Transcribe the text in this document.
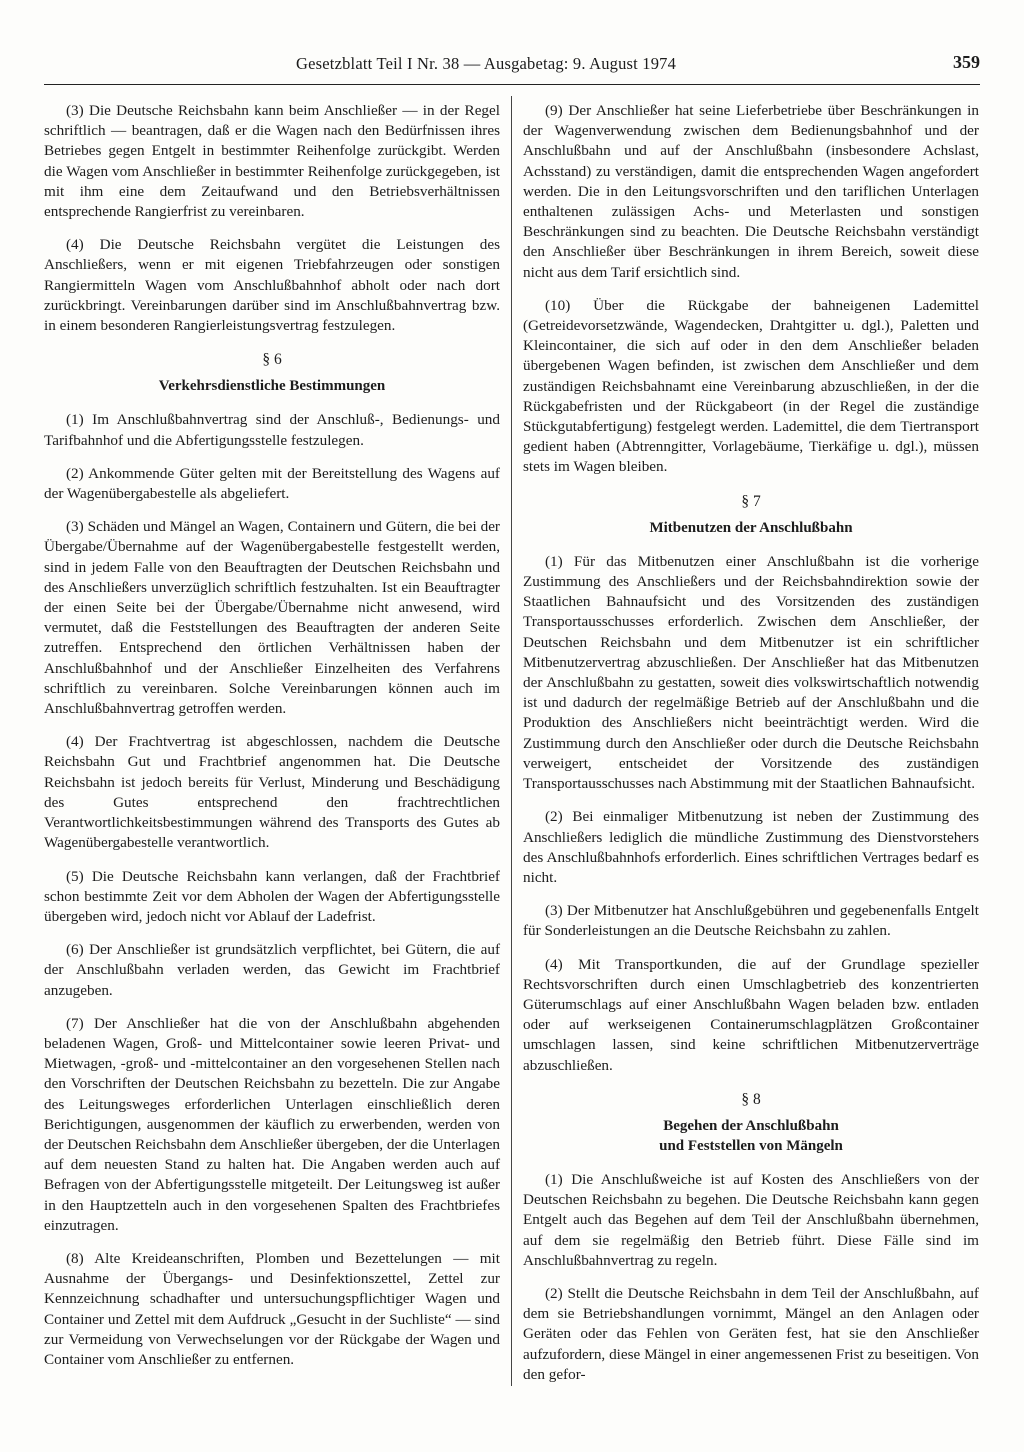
Gesetzblatt Teil I Nr. 38 — Ausgabetag: 9. August 1974	359

(3) Die Deutsche Reichsbahn kann beim Anschließer — in der Regel schriftlich — beantragen, daß er die Wagen nach den Bedürfnissen ihres Betriebes gegen Entgelt in bestimmter Reihenfolge zurückgibt. Werden die Wagen vom Anschließer in bestimmter Reihenfolge zurückgegeben, ist mit ihm eine dem Zeitaufwand und den Betriebsverhältnissen entsprechende Rangierfrist zu vereinbaren.

(4) Die Deutsche Reichsbahn vergütet die Leistungen des Anschließers, wenn er mit eigenen Triebfahrzeugen oder sonstigen Rangiermitteln Wagen vom Anschlußbahnhof abholt oder nach dort zurückbringt. Vereinbarungen darüber sind im Anschlußbahnvertrag bzw. in einem besonderen Rangierleistungsvertrag festzulegen.

§ 6

Verkehrsdienstliche Bestimmungen

(1) Im Anschlußbahnvertrag sind der Anschluß-, Bedienungs- und Tarifbahnhof und die Abfertigungsstelle festzulegen.

(2) Ankommende Güter gelten mit der Bereitstellung des Wagens auf der Wagenübergabestelle als abgeliefert.

(3) Schäden und Mängel an Wagen, Containern und Gütern, die bei der Übergabe/Übernahme auf der Wagenübergabestelle festgestellt werden, sind in jedem Falle von den Beauftragten der Deutschen Reichsbahn und des Anschließers unverzüglich schriftlich festzuhalten. Ist ein Beauftragter der einen Seite bei der Übergabe/Übernahme nicht anwesend, wird vermutet, daß die Feststellungen des Beauftragten der anderen Seite zutreffen. Entsprechend den örtlichen Verhältnissen haben der Anschlußbahnhof und der Anschließer Einzelheiten des Verfahrens schriftlich zu vereinbaren. Solche Vereinbarungen können auch im Anschlußbahnvertrag getroffen werden.

(4) Der Frachtvertrag ist abgeschlossen, nachdem die Deutsche Reichsbahn Gut und Frachtbrief angenommen hat. Die Deutsche Reichsbahn ist jedoch bereits für Verlust, Minderung und Beschädigung des Gutes entsprechend den frachtrechtlichen Verantwortlichkeitsbestimmungen während des Transports des Gutes ab Wagenübergabestelle verantwortlich.

(5) Die Deutsche Reichsbahn kann verlangen, daß der Frachtbrief schon bestimmte Zeit vor dem Abholen der Wagen der Abfertigungsstelle übergeben wird, jedoch nicht vor Ablauf der Ladefrist.

(6) Der Anschließer ist grundsätzlich verpflichtet, bei Gütern, die auf der Anschlußbahn verladen werden, das Gewicht im Frachtbrief anzugeben.

(7) Der Anschließer hat die von der Anschlußbahn abgehenden beladenen Wagen, Groß- und Mittelcontainer sowie leeren Privat- und Mietwagen, -groß- und -mittelcontainer an den vorgesehenen Stellen nach den Vorschriften der Deutschen Reichsbahn zu bezetteln. Die zur Angabe des Leitungsweges erforderlichen Unterlagen einschließlich deren Berichtigungen, ausgenommen der käuflich zu erwerbenden, werden von der Deutschen Reichsbahn dem Anschließer übergeben, der die Unterlagen auf dem neuesten Stand zu halten hat. Die Angaben werden auch auf Befragen von der Abfertigungsstelle mitgeteilt. Der Leitungsweg ist außer in den Hauptzetteln auch in den vorgesehenen Spalten des Frachtbriefes einzutragen.

(8) Alte Kreideanschriften, Plomben und Bezettelungen — mit Ausnahme der Übergangs- und Desinfektionszettel, Zettel zur Kennzeichnung schadhafter und untersuchungspflichtiger Wagen und Container und Zettel mit dem Aufdruck „Gesucht in der Suchliste“ — sind zur Vermeidung von Verwechselungen vor der Rückgabe der Wagen und Container vom Anschließer zu entfernen.

(9) Der Anschließer hat seine Lieferbetriebe über Beschränkungen in der Wagenverwendung zwischen dem Bedienungsbahnhof und der Anschlußbahn und auf der Anschlußbahn (insbesondere Achslast, Achsstand) zu verständigen, damit die entsprechenden Wagen angefordert werden. Die in den Leitungsvorschriften und den tariflichen Unterlagen enthaltenen zulässigen Achs- und Meterlasten und sonstigen Beschränkungen sind zu beachten. Die Deutsche Reichsbahn verständigt den Anschließer über Beschränkungen in ihrem Bereich, soweit diese nicht aus dem Tarif ersichtlich sind.

(10) Über die Rückgabe der bahneigenen Lademittel (Getreidevorsetzwände, Wagendecken, Drahtgitter u. dgl.), Paletten und Kleincontainer, die sich auf oder in den dem Anschließer beladen übergebenen Wagen befinden, ist zwischen dem Anschließer und dem zuständigen Reichsbahnamt eine Vereinbarung abzuschließen, in der die Rückgabefristen und der Rückgabeort (in der Regel die zuständige Stückgutabfertigung) festgelegt werden. Lademittel, die dem Tiertransport gedient haben (Abtrenngitter, Vorlagebäume, Tierkäfige u. dgl.), müssen stets im Wagen bleiben.

§ 7

Mitbenutzen der Anschlußbahn

(1) Für das Mitbenutzen einer Anschlußbahn ist die vorherige Zustimmung des Anschließers und der Reichsbahndirektion sowie der Staatlichen Bahnaufsicht und des Vorsitzenden des zuständigen Transportausschusses erforderlich. Zwischen dem Anschließer, der Deutschen Reichsbahn und dem Mitbenutzer ist ein schriftlicher Mitbenutzervertrag abzuschließen. Der Anschließer hat das Mitbenutzen der Anschlußbahn zu gestatten, soweit dies volkswirtschaftlich notwendig ist und dadurch der regelmäßige Betrieb auf der Anschlußbahn und die Produktion des Anschließers nicht beeinträchtigt werden. Wird die Zustimmung durch den Anschließer oder durch die Deutsche Reichsbahn verweigert, entscheidet der Vorsitzende des zuständigen Transportausschusses nach Abstimmung mit der Staatlichen Bahnaufsicht.

(2) Bei einmaliger Mitbenutzung ist neben der Zustimmung des Anschließers lediglich die mündliche Zustimmung des Dienstvorstehers des Anschlußbahnhofs erforderlich. Eines schriftlichen Vertrages bedarf es nicht.

(3) Der Mitbenutzer hat Anschlußgebühren und gegebenenfalls Entgelt für Sonderleistungen an die Deutsche Reichsbahn zu zahlen.

(4) Mit Transportkunden, die auf der Grundlage spezieller Rechtsvorschriften durch einen Umschlagbetrieb des konzentrierten Güterumschlags auf einer Anschlußbahn Wagen beladen bzw. entladen oder auf werkseigenen Containerumschlagplätzen Großcontainer umschlagen lassen, sind keine schriftlichen Mitbenutzerverträge abzuschließen.

§ 8

Begehen der Anschlußbahn
und Feststellen von Mängeln

(1) Die Anschlußweiche ist auf Kosten des Anschließers von der Deutschen Reichsbahn zu begehen. Die Deutsche Reichsbahn kann gegen Entgelt auch das Begehen auf dem Teil der Anschlußbahn übernehmen, auf dem sie regelmäßig den Betrieb führt. Diese Fälle sind im Anschlußbahnvertrag zu regeln.

(2) Stellt die Deutsche Reichsbahn in dem Teil der Anschlußbahn, auf dem sie Betriebshandlungen vornimmt, Mängel an den Anlagen oder Geräten oder das Fehlen von Geräten fest, hat sie den Anschließer aufzufordern, diese Mängel in einer angemessenen Frist zu beseitigen. Von den gefor-
